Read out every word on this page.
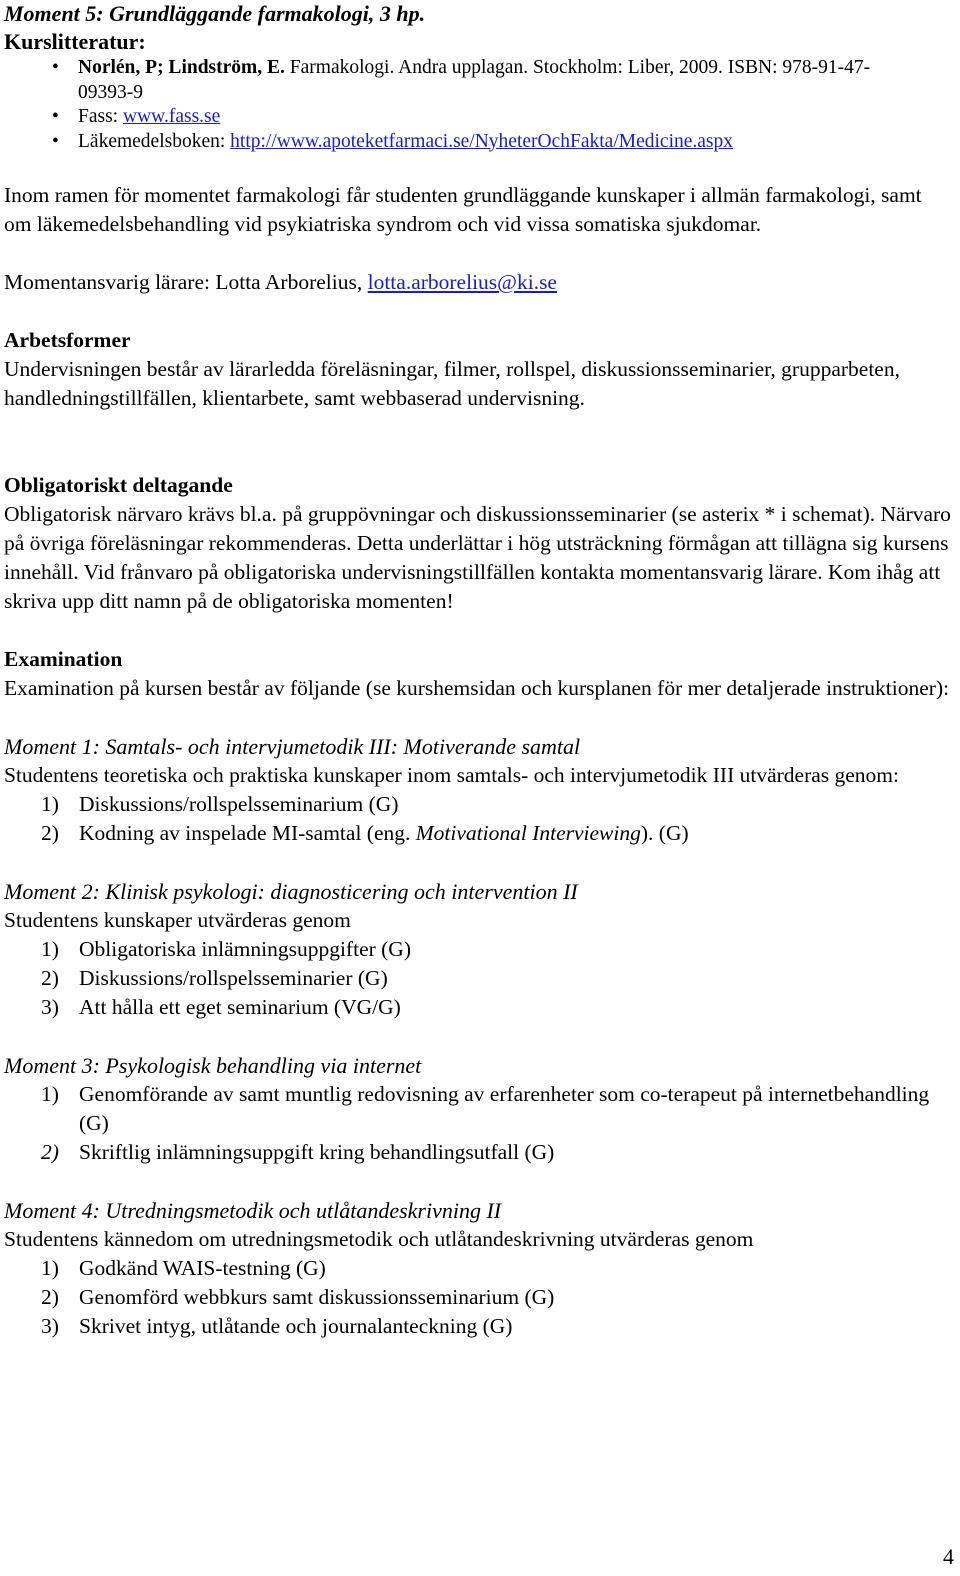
Moment 5: Grundläggande farmakologi, 3 hp.

Kurslitteratur:

• Norlén, P; Lindström, E. Farmakologi. Andra upplagan. Stockholm: Liber, 2009. ISBN: 978-91-47-
09393-9
• Fass: www.fass.se
• Läkemedelsboken: http://www.apoteketfarmaci.se/NyheterOchFakta/Medicine.aspx

Inom ramen för momentet farmakologi får studenten grundläggande kunskaper i allmän farmakologi, samt om läkemedelsbehandling vid psykiatriska syndrom och vid vissa somatiska sjukdomar.

Momentansvarig lärare: Lotta Arborelius, lotta.arborelius@ki.se

Arbetsformer

Undervisningen består av lärarledda föreläsningar, filmer, rollspel, diskussionsseminarier, grupparbeten, handledningstillfällen, klientarbete, samt webbaserad undervisning.

Obligatoriskt deltagande

Obligatorisk närvaro krävs bl.a. på gruppövningar och diskussionsseminarier (se asterix * i schemat). Närvaro på övriga föreläsningar rekommenderas. Detta underlättar i hög utsträckning förmågan att tillägna sig kursens innehåll. Vid frånvaro på obligatoriska undervisningstillfällen kontakta momentansvarig lärare. Kom ihåg att skriva upp ditt namn på de obligatoriska momenten!

Examination

Examination på kursen består av följande (se kurshemsidan och kursplanen för mer detaljerade instruktioner):

Moment 1: Samtals- och intervjumetodik III: Motiverande samtal

Studentens teoretiska och praktiska kunskaper inom samtals- och intervjumetodik III utvärderas genom:

1) Diskussions/rollspelsseminarium (G)
2) Kodning av inspelade MI-samtal (eng. Motivational Interviewing). (G)

Moment 2: Klinisk psykologi: diagnosticering och intervention II

Studentens kunskaper utvärderas genom

1) Obligatoriska inlämningsuppgifter (G)
2) Diskussions/rollspelsseminarier (G)
3) Att hålla ett eget seminarium (VG/G)

Moment 3: Psykologisk behandling via internet

1) Genomförande av samt muntlig redovisning av erfarenheter som co-terapeut på internetbehandling (G)
2) Skriftlig inlämningsuppgift kring behandlingsutfall (G)

Moment 4: Utredningsmetodik och utlåtandeskrivning II

Studentens kännedom om utredningsmetodik och utlåtandeskrivning utvärderas genom

1) Godkänd WAIS-testning (G)
2) Genomförd webbkurs samt diskussionsseminarium (G)
3) Skrivet intyg, utlåtande och journalanteckning (G)
4
